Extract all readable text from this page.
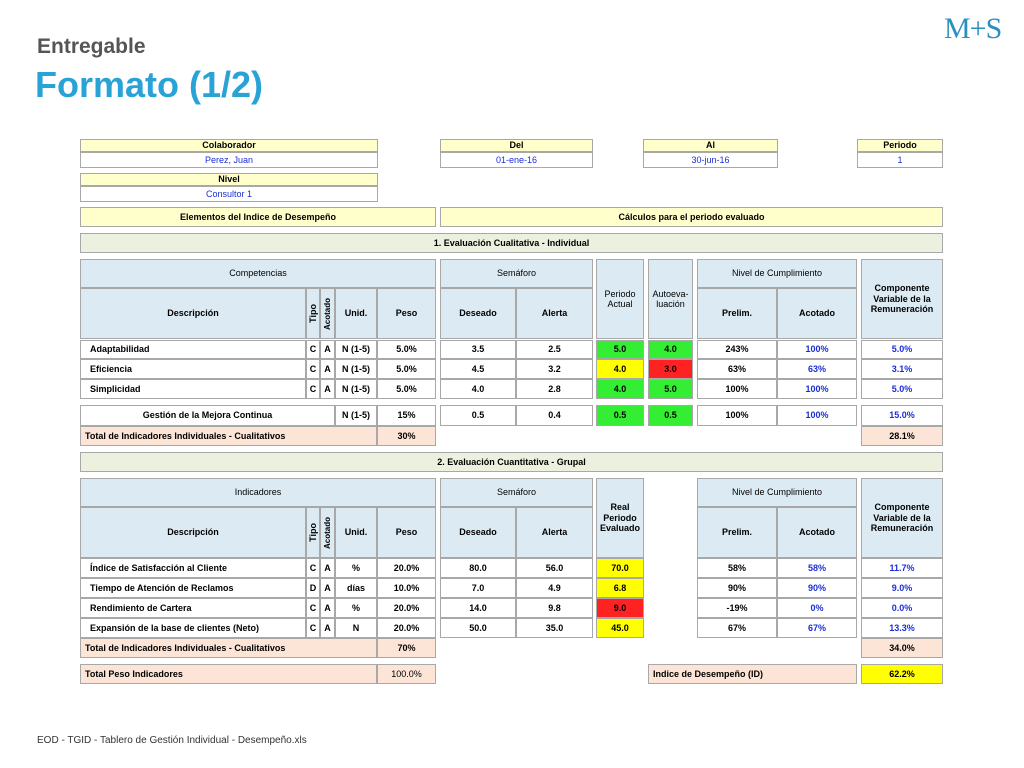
Entregable
Formato (1/2)
M+S
Colaborador
Perez, Juan
Del
01-ene-16
Al
30-jun-16
Periodo
1
Nivel
Consultor 1
Elementos del Indice de Desempeño	Cálculos para el periodo evaluado
1. Evaluación Cualitativa - Individual
Competencias
Descripción	Tipo Acotado	Unid.	Peso
Semáforo
Deseado	Alerta
Periodo Actual
Autoeva- luación
Nivel de Cumplimiento
Prelim.	Acotado
Componente Variable de la Remuneración
Adaptabilidad	C A	N (1-5)	5.0%	3.5	2.5	5.0	4.0	243%	100%	5.0%
Eficiencia	C A	N (1-5)	5.0%	4.5	3.2	4.0	3.0	63%	63%	3.1%
Simplicidad	C A	N (1-5)	5.0%	4.0	2.8	4.0	5.0	100%	100%	5.0%
Gestión de la Mejora Continua	N (1-5)	15%	0.5	0.4	0.5	0.5	100%	100%	15.0%
Total de Indicadores Individuales - Cualitativos	30%	28.1%
2. Evaluación Cuantitativa - Grupal
Indicadores
Descripción	Tipo Acotado	Unid.	Peso
Semáforo
Deseado	Alerta
Real Periodo Evaluado
Nivel de Cumplimiento
Prelim.	Acotado
Componente Variable de la Remuneración
Índice de Satisfacción al Cliente	C A	%	20.0%	80.0	56.0	70.0	58%	58%	11.7%
Tiempo de Atención de Reclamos	D A	días	10.0%	7.0	4.9	6.8	90%	90%	9.0%
Rendimiento de Cartera	C A	%	20.0%	14.0	9.8	9.0	-19%	0%	0.0%
Expansión de la base de clientes (Neto)	C A	N	20.0%	50.0	35.0	45.0	67%	67%	13.3%
Total de Indicadores Individuales - Cualitativos	70%	34.0%
Total Peso Indicadores	100.0%	Indice de Desempeño (ID)	62.2%
EOD - TGID - Tablero de Gestión Individual - Desempeño.xls
